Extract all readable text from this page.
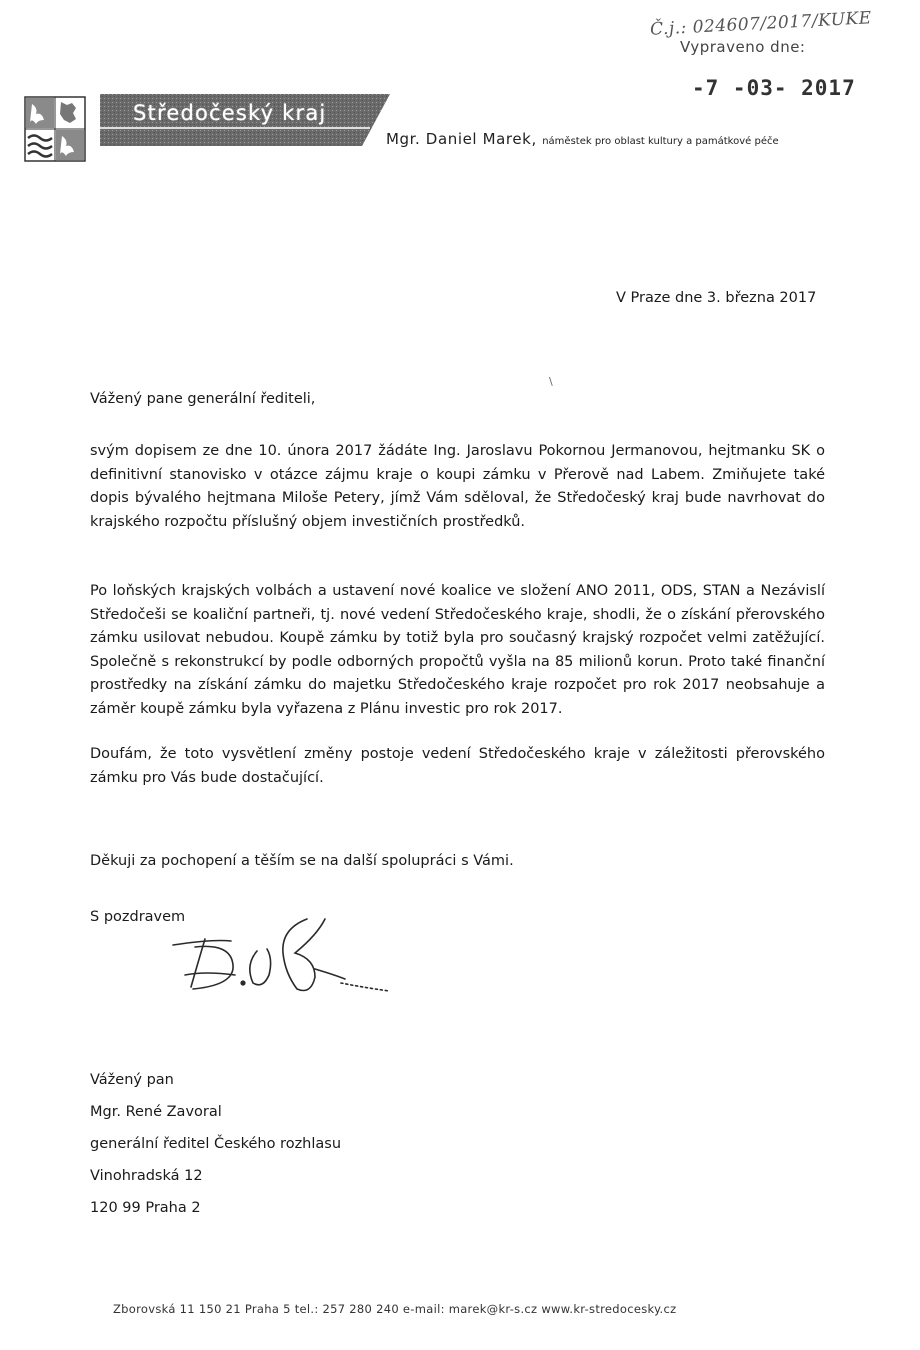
Č.j.: 024607/2017/KUKE
Vypraveno dne:
-7 -03- 2017
Středočeský kraj
Mgr. Daniel Marek, náměstek pro oblast kultury a památkové péče
V Praze dne 3. března 2017
\
Vážený pane generální řediteli,

svým dopisem ze dne 10. února 2017 žádáte Ing. Jaroslavu Pokornou Jermanovou, hejtmanku SK o definitivní stanovisko v otázce zájmu kraje o koupi zámku v Přerově nad Labem. Zmiňujete také dopis bývalého hejtmana Miloše Petery, jímž Vám sděloval, že Středočeský kraj bude navrhovat do krajského rozpočtu příslušný objem investičních prostředků.

Po loňských krajských volbách a ustavení nové koalice ve složení ANO 2011, ODS, STAN a Nezávislí Středočeši se koaliční partneři, tj. nové vedení Středočeského kraje, shodli, že o získání přerovského zámku usilovat nebudou. Koupě zámku by totiž byla pro současný krajský rozpočet velmi zatěžující. Společně s rekonstrukcí by podle odborných propočtů vyšla na 85 milionů korun. Proto také finanční prostředky na získání zámku do majetku Středočeského kraje rozpočet pro rok 2017 neobsahuje a záměr koupě zámku byla vyřazena z Plánu investic pro rok 2017.

Doufám, že toto vysvětlení změny postoje vedení Středočeského kraje v záležitosti přerovského zámku pro Vás bude dostačující.

Děkuji za pochopení a těším se na další spolupráci s Vámi.

S pozdravem
Vážený pan
Mgr. René Zavoral
generální ředitel Českého rozhlasu
Vinohradská 12
120 99 Praha 2
Zborovská 11 150 21 Praha 5 tel.: 257 280 240 e-mail: marek@kr-s.cz www.kr-stredocesky.cz
